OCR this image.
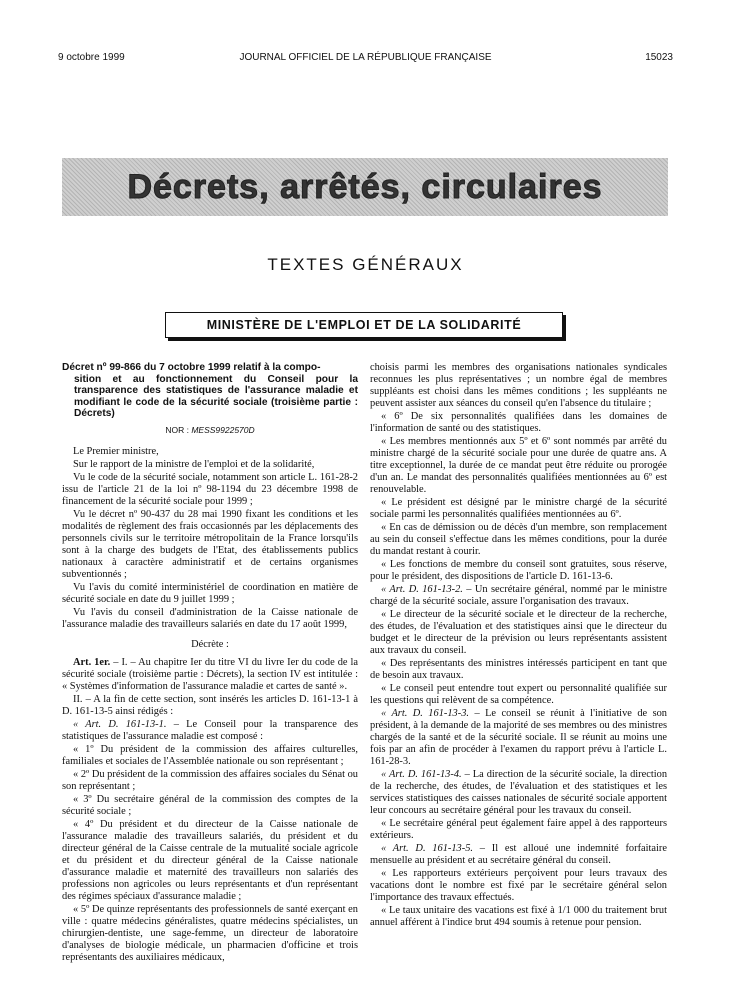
9 octobre 1999	JOURNAL OFFICIEL DE LA RÉPUBLIQUE FRANÇAISE	15023
Décrets, arrêtés, circulaires
TEXTES GÉNÉRAUX
MINISTÈRE DE L'EMPLOI ET DE LA SOLIDARITÉ
Décret nº 99-866 du 7 octobre 1999 relatif à la compo-
sition et au fonctionnement du Conseil pour la transparence des statistiques de l'assurance maladie et modifiant le code de la sécurité sociale (troisième partie : Décrets)
NOR : MESS9922570D

Le Premier ministre,

Sur le rapport de la ministre de l'emploi et de la solidarité,

Vu le code de la sécurité sociale, notamment son article L. 161-28-2 issu de l'article 21 de la loi nº 98-1194 du 23 décembre 1998 de financement de la sécurité sociale pour 1999 ;

Vu le décret nº 90-437 du 28 mai 1990 fixant les conditions et les modalités de règlement des frais occasionnés par les déplacements des personnels civils sur le territoire métropolitain de la France lorsqu'ils sont à la charge des budgets de l'Etat, des établissements publics nationaux à caractère administratif et de certains organismes subventionnés ;

Vu l'avis du comité interministériel de coordination en matière de sécurité sociale en date du 9 juillet 1999 ;

Vu l'avis du conseil d'administration de la Caisse nationale de l'assurance maladie des travailleurs salariés en date du 17 août 1999,

Décrète :

Art. 1er. – I. – Au chapitre Ier du titre VI du livre Ier du code de la sécurité sociale (troisième partie : Décrets), la section IV est intitulée : « Systèmes d'information de l'assurance maladie et cartes de santé ».

II. – A la fin de cette section, sont insérés les articles D. 161-13-1 à D. 161-13-5 ainsi rédigés :

« Art. D. 161-13-1. – Le Conseil pour la transparence des statistiques de l'assurance maladie est composé :

« 1º Du président de la commission des affaires culturelles, familiales et sociales de l'Assemblée nationale ou son représentant ;

« 2º Du président de la commission des affaires sociales du Sénat ou son représentant ;

« 3º Du secrétaire général de la commission des comptes de la sécurité sociale ;

« 4º Du président et du directeur de la Caisse nationale de l'assurance maladie des travailleurs salariés, du président et du directeur général de la Caisse centrale de la mutualité sociale agricole et du président et du directeur général de la Caisse nationale d'assurance maladie et maternité des travailleurs non salariés des professions non agricoles ou leurs représentants et d'un représentant des régimes spéciaux d'assurance maladie ;

« 5º De quinze représentants des professionnels de santé exerçant en ville : quatre médecins généralistes, quatre médecins spécialistes, un chirurgien-dentiste, une sage-femme, un directeur de laboratoire d'analyses de biologie médicale, un pharmacien d'officine et trois représentants des auxiliaires médicaux,

choisis parmi les membres des organisations nationales syndicales reconnues les plus représentatives ; un nombre égal de membres suppléants est choisi dans les mêmes conditions ; les suppléants ne peuvent assister aux séances du conseil qu'en l'absence du titulaire ;

« 6º De six personnalités qualifiées dans les domaines de l'information de santé ou des statistiques.

« Les membres mentionnés aux 5º et 6º sont nommés par arrêté du ministre chargé de la sécurité sociale pour une durée de quatre ans. A titre exceptionnel, la durée de ce mandat peut être réduite ou prorogée d'un an. Le mandat des personnalités qualifiées mentionnées au 6º est renouvelable.

« Le président est désigné par le ministre chargé de la sécurité sociale parmi les personnalités qualifiées mentionnées au 6º.

« En cas de démission ou de décès d'un membre, son remplacement au sein du conseil s'effectue dans les mêmes conditions, pour la durée du mandat restant à courir.

« Les fonctions de membre du conseil sont gratuites, sous réserve, pour le président, des dispositions de l'article D. 161-13-6.

« Art. D. 161-13-2. – Un secrétaire général, nommé par le ministre chargé de la sécurité sociale, assure l'organisation des travaux.

« Le directeur de la sécurité sociale et le directeur de la recherche, des études, de l'évaluation et des statistiques ainsi que le directeur du budget et le directeur de la prévision ou leurs représentants assistent aux travaux du conseil.

« Des représentants des ministres intéressés participent en tant que de besoin aux travaux.

« Le conseil peut entendre tout expert ou personnalité qualifiée sur les questions qui relèvent de sa compétence.

« Art. D. 161-13-3. – Le conseil se réunit à l'initiative de son président, à la demande de la majorité de ses membres ou des ministres chargés de la santé et de la sécurité sociale. Il se réunit au moins une fois par an afin de procéder à l'examen du rapport prévu à l'article L. 161-28-3.

« Art. D. 161-13-4. – La direction de la sécurité sociale, la direction de la recherche, des études, de l'évaluation et des statistiques et les services statistiques des caisses nationales de sécurité sociale apportent leur concours au secrétaire général pour les travaux du conseil.

« Le secrétaire général peut également faire appel à des rapporteurs extérieurs.

« Art. D. 161-13-5. – Il est alloué une indemnité forfaitaire mensuelle au président et au secrétaire général du conseil.

« Les rapporteurs extérieurs perçoivent pour leurs travaux des vacations dont le nombre est fixé par le secrétaire général selon l'importance des travaux effectués.

« Le taux unitaire des vacations est fixé à 1/1 000 du traitement brut annuel afférent à l'indice brut 494 soumis à retenue pour pension.
